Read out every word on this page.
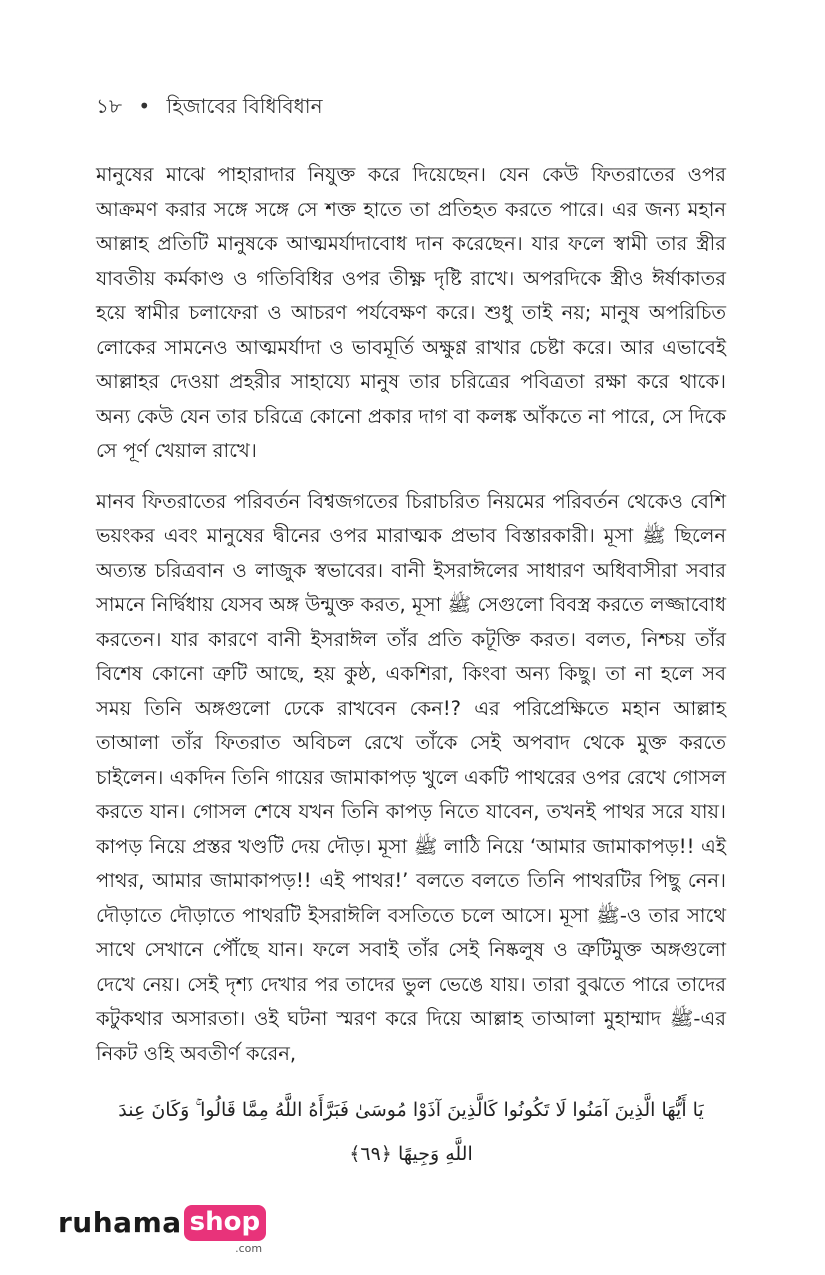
১৮ • হিজাবের বিধিবিধান

মানুষের মাঝে পাহারাদার নিযুক্ত করে দিয়েছেন। যেন কেউ ফিতরাতের ওপর আক্রমণ করার সঙ্গে সঙ্গে সে শক্ত হাতে তা প্রতিহত করতে পারে। এর জন্য মহান আল্লাহ প্রতিটি মানুষকে আত্মমর্যাদাবোধ দান করেছেন। যার ফলে স্বামী তার স্ত্রীর যাবতীয় কর্মকাণ্ড ও গতিবিধির ওপর তীক্ষ্ণ দৃষ্টি রাখে। অপরদিকে স্ত্রীও ঈর্ষাকাতর হয়ে স্বামীর চলাফেরা ও আচরণ পর্যবেক্ষণ করে। শুধু তাই নয়; মানুষ অপরিচিত লোকের সামনেও আত্মমর্যাদা ও ভাবমূর্তি অক্ষুণ্ণ রাখার চেষ্টা করে। আর এভাবেই আল্লাহর দেওয়া প্রহরীর সাহায্যে মানুষ তার চরিত্রের পবিত্রতা রক্ষা করে থাকে। অন্য কেউ যেন তার চরিত্রে কোনো প্রকার দাগ বা কলঙ্ক আঁকতে না পারে, সে দিকে সে পূর্ণ খেয়াল রাখে।

মানব ফিতরাতের পরিবর্তন বিশ্বজগতের চিরাচরিত নিয়মের পরিবর্তন থেকেও বেশি ভয়ংকর এবং মানুষের দ্বীনের ওপর মারাত্মক প্রভাব বিস্তারকারী। মূসা ﷺ ছিলেন অত্যন্ত চরিত্রবান ও লাজুক স্বভাবের। বানী ইসরাঈলের সাধারণ অধিবাসীরা সবার সামনে নির্দ্বিধায় যেসব অঙ্গ উন্মুক্ত করত, মূসা ﷺ সেগুলো বিবস্ত্র করতে লজ্জাবোধ করতেন। যার কারণে বানী ইসরাঈল তাঁর প্রতি কটূক্তি করত। বলত, নিশ্চয় তাঁর বিশেষ কোনো ত্রুটি আছে, হয় কুষ্ঠ, একশিরা, কিংবা অন্য কিছু। তা না হলে সব সময় তিনি অঙ্গগুলো ঢেকে রাখবেন কেন!? এর পরিপ্রেক্ষিতে মহান আল্লাহ তাআলা তাঁর ফিতরাত অবিচল রেখে তাঁকে সেই অপবাদ থেকে মুক্ত করতে চাইলেন। একদিন তিনি গায়ের জামাকাপড় খুলে একটি পাথরের ওপর রেখে গোসল করতে যান। গোসল শেষে যখন তিনি কাপড় নিতে যাবেন, তখনই পাথর সরে যায়। কাপড় নিয়ে প্রস্তর খণ্ডটি দেয় দৌড়। মূসা ﷺ লাঠি নিয়ে ‘আমার জামাকাপড়!! এই পাথর, আমার জামাকাপড়!! এই পাথর!’ বলতে বলতে তিনি পাথরটির পিছু নেন। দৌড়াতে দৌড়াতে পাথরটি ইসরাঈলি বসতিতে চলে আসে। মূসা ﷺ-ও তার সাথে সাথে সেখানে পৌঁছে যান। ফলে সবাই তাঁর সেই নিষ্কলুষ ও ত্রুটিমুক্ত অঙ্গগুলো দেখে নেয়। সেই দৃশ্য দেখার পর তাদের ভুল ভেঙে যায়। তারা বুঝতে পারে তাদের কটুকথার অসারতা। ওই ঘটনা স্মরণ করে দিয়ে আল্লাহ তাআলা মুহাম্মাদ ﷺ-এর নিকট ওহি অবতীর্ণ করেন,

يَا أَيُّهَا الَّذِينَ آمَنُوا لَا تَكُونُوا كَالَّذِينَ آذَوْا مُوسَىٰ فَبَرَّأَهُ اللَّهُ مِمَّا قَالُوا ۚ وَكَانَ عِندَ
اللَّهِ وَجِيهًا ﴿٦٩﴾
ruhama shop
.com
